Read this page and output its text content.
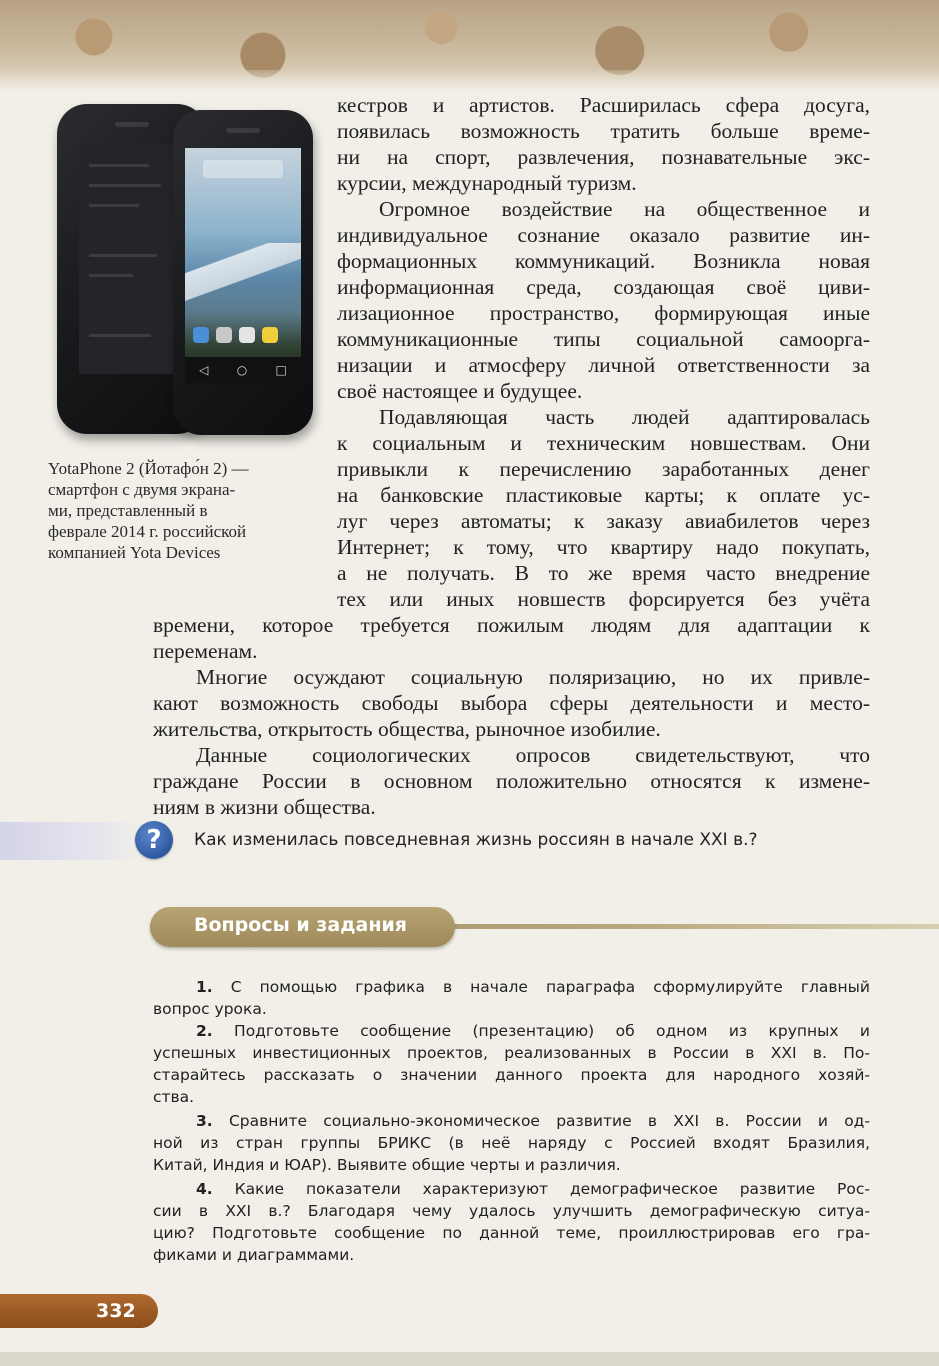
◁ ○ □
YotaPhone 2 (Йотафо́н 2) —
смартфон с двумя экрана-
ми, представленный в
феврале 2014 г. российской
компанией Yota Devices
кестров и артистов. Расширилась сфера досуга,
появилась возможность тратить больше време-
ни на спорт, развлечения, познавательные экс-
курсии, международный туризм.
Огромное воздействие на общественное и
индивидуальное сознание оказало развитие ин-
формационных коммуникаций. Возникла новая
информационная среда, создающая своё циви-
лизационное пространство, формирующая иные
коммуникационные типы социальной самоорга-
низации и атмосферу личной ответственности за
своё настоящее и будущее.
Подавляющая часть людей адаптировалась
к социальным и техническим новшествам. Они
привыкли к перечислению заработанных денег
на банковские пластиковые карты; к оплате ус-
луг через автоматы; к заказу авиабилетов через
Интернет; к тому, что квартиру надо покупать,
а не получать. В то же время часто внедрение
тех или иных новшеств форсируется без учёта
времени, которое требуется пожилым людям для адаптации к
переменам.
Многие осуждают социальную поляризацию, но их привле-
кают возможность свободы выбора сферы деятельности и место-
жительства, открытость общества, рыночное изобилие.
Данные социологических опросов свидетельствуют, что
граждане России в основном положительно относятся к измене-
ниям в жизни общества.
?	Как изменилась повседневная жизнь россиян в начале XXI в.?
Вопросы и задания
1. С помощью графика в начале параграфа сформулируйте главный
вопрос урока.
2. Подготовьте сообщение (презентацию) об одном из крупных и
успешных инвестиционных проектов, реализованных в России в XXI в. По-
старайтесь рассказать о значении данного проекта для народного хозяй-
ства.
3. Сравните социально-экономическое развитие в XXI в. России и од-
ной из стран группы БРИКС (в неё наряду с Россией входят Бразилия,
Китай, Индия и ЮАР). Выявите общие черты и различия.
4. Какие показатели характеризуют демографическое развитие Рос-
сии в XXI в.? Благодаря чему удалось улучшить демографическую ситуа-
цию? Подготовьте сообщение по данной теме, проиллюстрировав его гра-
фиками и диаграммами.
332
